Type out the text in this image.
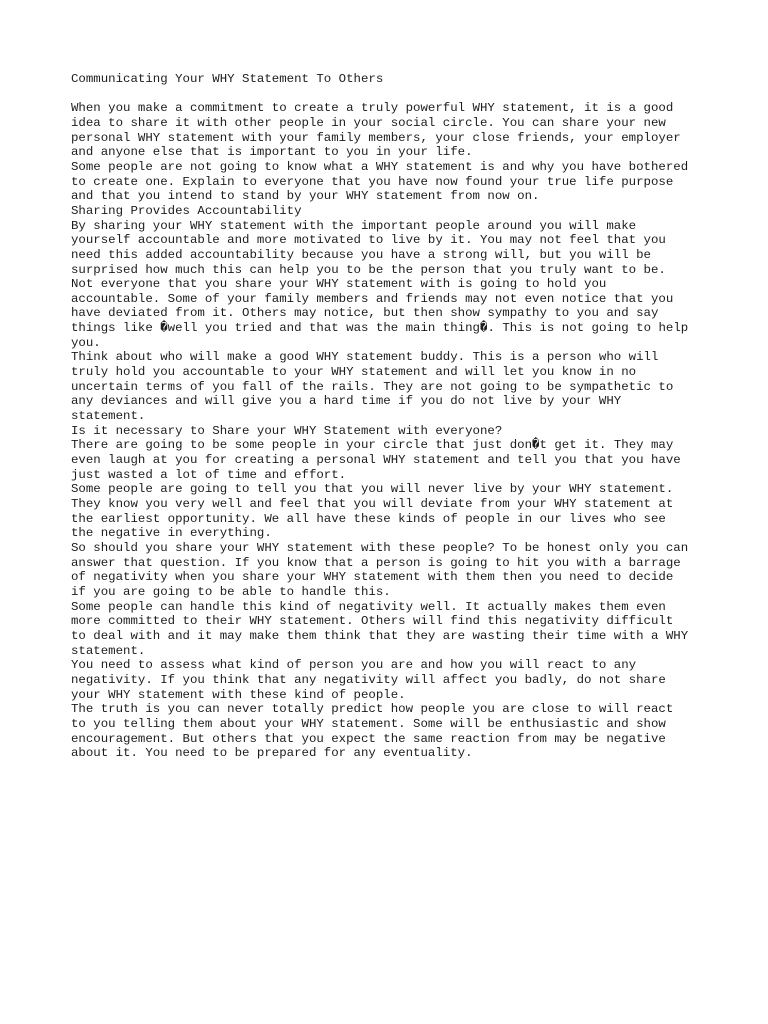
Communicating Your WHY Statement To Others
When you make a commitment to create a truly powerful WHY statement, it is a good
idea to share it with other people in your social circle. You can share your new
personal WHY statement with your family members, your close friends, your employer
and anyone else that is important to you in your life.
Some people are not going to know what a WHY statement is and why you have bothered
to create one. Explain to everyone that you have now found your true life purpose
and that you intend to stand by your WHY statement from now on.
Sharing Provides Accountability
By sharing your WHY statement with the important people around you will make
yourself accountable and more motivated to live by it. You may not feel that you
need this added accountability because you have a strong will, but you will be
surprised how much this can help you to be the person that you truly want to be.
Not everyone that you share your WHY statement with is going to hold you
accountable. Some of your family members and friends may not even notice that you
have deviated from it. Others may notice, but then show sympathy to you and say
things like �well you tried and that was the main thing�. This is not going to help
you.
Think about who will make a good WHY statement buddy. This is a person who will
truly hold you accountable to your WHY statement and will let you know in no
uncertain terms of you fall of the rails. They are not going to be sympathetic to
any deviances and will give you a hard time if you do not live by your WHY
statement.
Is it necessary to Share your WHY Statement with everyone?
There are going to be some people in your circle that just don�t get it. They may
even laugh at you for creating a personal WHY statement and tell you that you have
just wasted a lot of time and effort.
Some people are going to tell you that you will never live by your WHY statement.
They know you very well and feel that you will deviate from your WHY statement at
the earliest opportunity. We all have these kinds of people in our lives who see
the negative in everything.
So should you share your WHY statement with these people? To be honest only you can
answer that question. If you know that a person is going to hit you with a barrage
of negativity when you share your WHY statement with them then you need to decide
if you are going to be able to handle this.
Some people can handle this kind of negativity well. It actually makes them even
more committed to their WHY statement. Others will find this negativity difficult
to deal with and it may make them think that they are wasting their time with a WHY
statement.
You need to assess what kind of person you are and how you will react to any
negativity. If you think that any negativity will affect you badly, do not share
your WHY statement with these kind of people.
The truth is you can never totally predict how people you are close to will react
to you telling them about your WHY statement. Some will be enthusiastic and show
encouragement. But others that you expect the same reaction from may be negative
about it. You need to be prepared for any eventuality.
